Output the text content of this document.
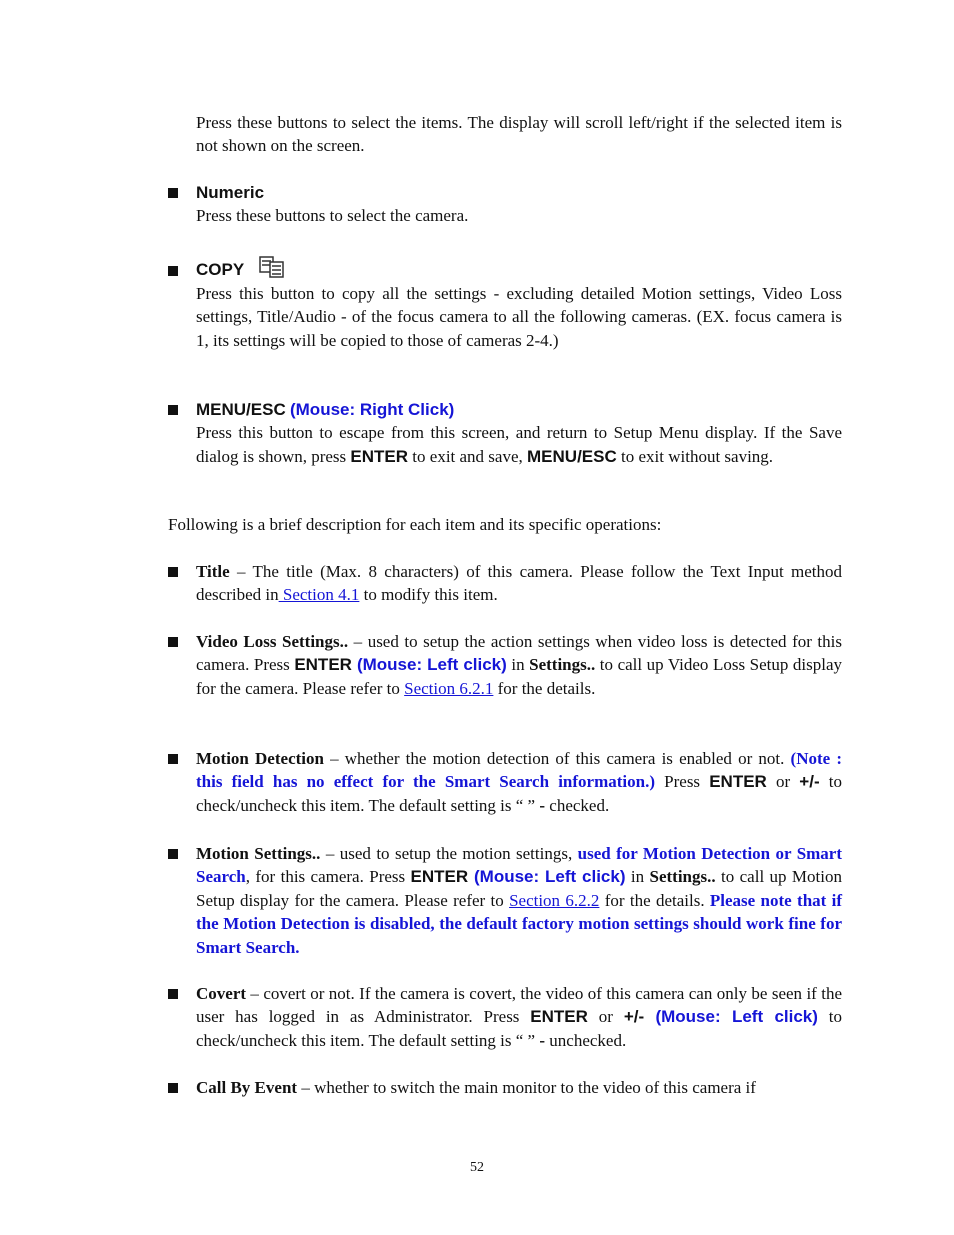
Press these buttons to select the items. The display will scroll left/right if the selected item is not shown on the screen.
Numeric
Press these buttons to select the camera.
COPY
Press this button to copy all the settings - excluding detailed Motion settings, Video Loss settings, Title/Audio - of the focus camera to all the following cameras. (EX. focus camera is 1, its settings will be copied to those of cameras 2-4.)
MENU/ESC (Mouse: Right Click)
Press this button to escape from this screen, and return to Setup Menu display. If the Save dialog is shown, press ENTER to exit and save, MENU/ESC to exit without saving.
Following is a brief description for each item and its specific operations:
Title – The title (Max. 8 characters) of this camera. Please follow the Text Input method described in Section 4.1 to modify this item.
Video Loss Settings.. – used to setup the action settings when video loss is detected for this camera. Press ENTER (Mouse: Left click) in Settings.. to call up Video Loss Setup display for the camera. Please refer to Section 6.2.1 for the details.
Motion Detection – whether the motion detection of this camera is enabled or not. (Note : this field has no effect for the Smart Search information.) Press ENTER or +/- to check/uncheck this item. The default setting is “ ” - checked.
Motion Settings.. – used to setup the motion settings, used for Motion Detection or Smart Search, for this camera. Press ENTER (Mouse: Left click) in Settings.. to call up Motion Setup display for the camera. Please refer to Section 6.2.2 for the details. Please note that if the Motion Detection is disabled, the default factory motion settings should work fine for Smart Search.
Covert – covert or not. If the camera is covert, the video of this camera can only be seen if the user has logged in as Administrator. Press ENTER or +/- (Mouse: Left click) to check/uncheck this item. The default setting is “ ” - unchecked.
Call By Event – whether to switch the main monitor to the video of this camera if
52
